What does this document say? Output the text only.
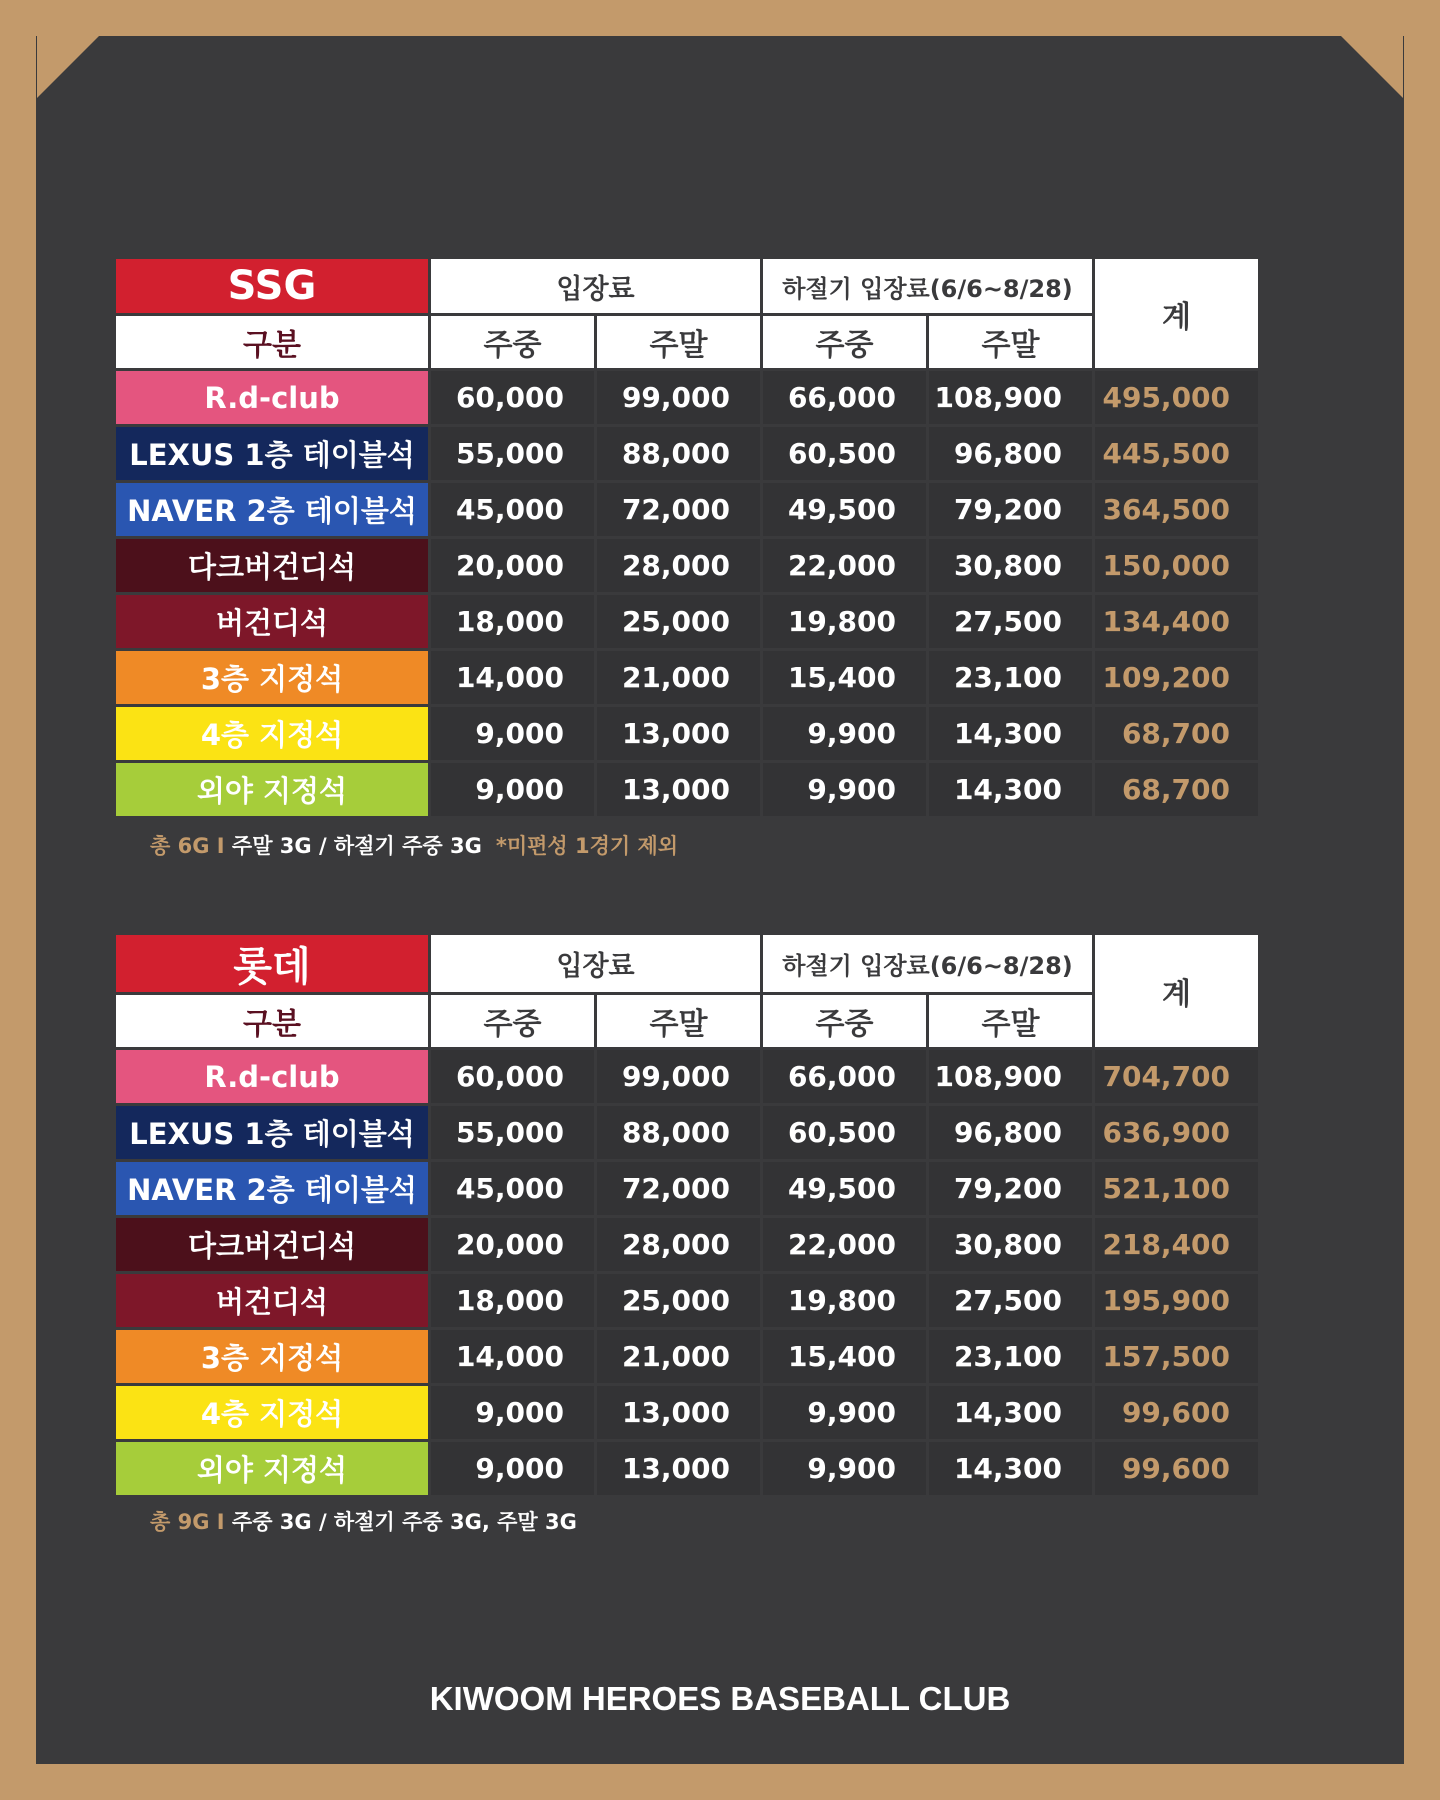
SSG	입장료		하절기 입장료(6/6~8/28)		계
구분	주중	주말	주중	주말	
R.d-club	60,000	99,000	66,000	108,900	495,000
LEXUS 1층 테이블석	55,000	88,000	60,500	96,800	445,500
NAVER 2층 테이블석	45,000	72,000	49,500	79,200	364,500
다크버건디석	20,000	28,000	22,000	30,800	150,000
버건디석	18,000	25,000	19,800	27,500	134,400
3층 지정석	14,000	21,000	15,400	23,100	109,200
4층 지정석	9,000	13,000	9,900	14,300	68,700
외야 지정석	9,000	13,000	9,900	14,300	68,700
총 6G I 주말 3G / 하절기 주중 3G *미편성 1경기 제외
롯데	입장료		하절기 입장료(6/6~8/28)		계
구분	주중	주말	주중	주말	
R.d-club	60,000	99,000	66,000	108,900	704,700
LEXUS 1층 테이블석	55,000	88,000	60,500	96,800	636,900
NAVER 2층 테이블석	45,000	72,000	49,500	79,200	521,100
다크버건디석	20,000	28,000	22,000	30,800	218,400
버건디석	18,000	25,000	19,800	27,500	195,900
3층 지정석	14,000	21,000	15,400	23,100	157,500
4층 지정석	9,000	13,000	9,900	14,300	99,600
외야 지정석	9,000	13,000	9,900	14,300	99,600
총 9G I 주중 3G / 하절기 주중 3G, 주말 3G
KIWOOM HEROES BASEBALL CLUB
